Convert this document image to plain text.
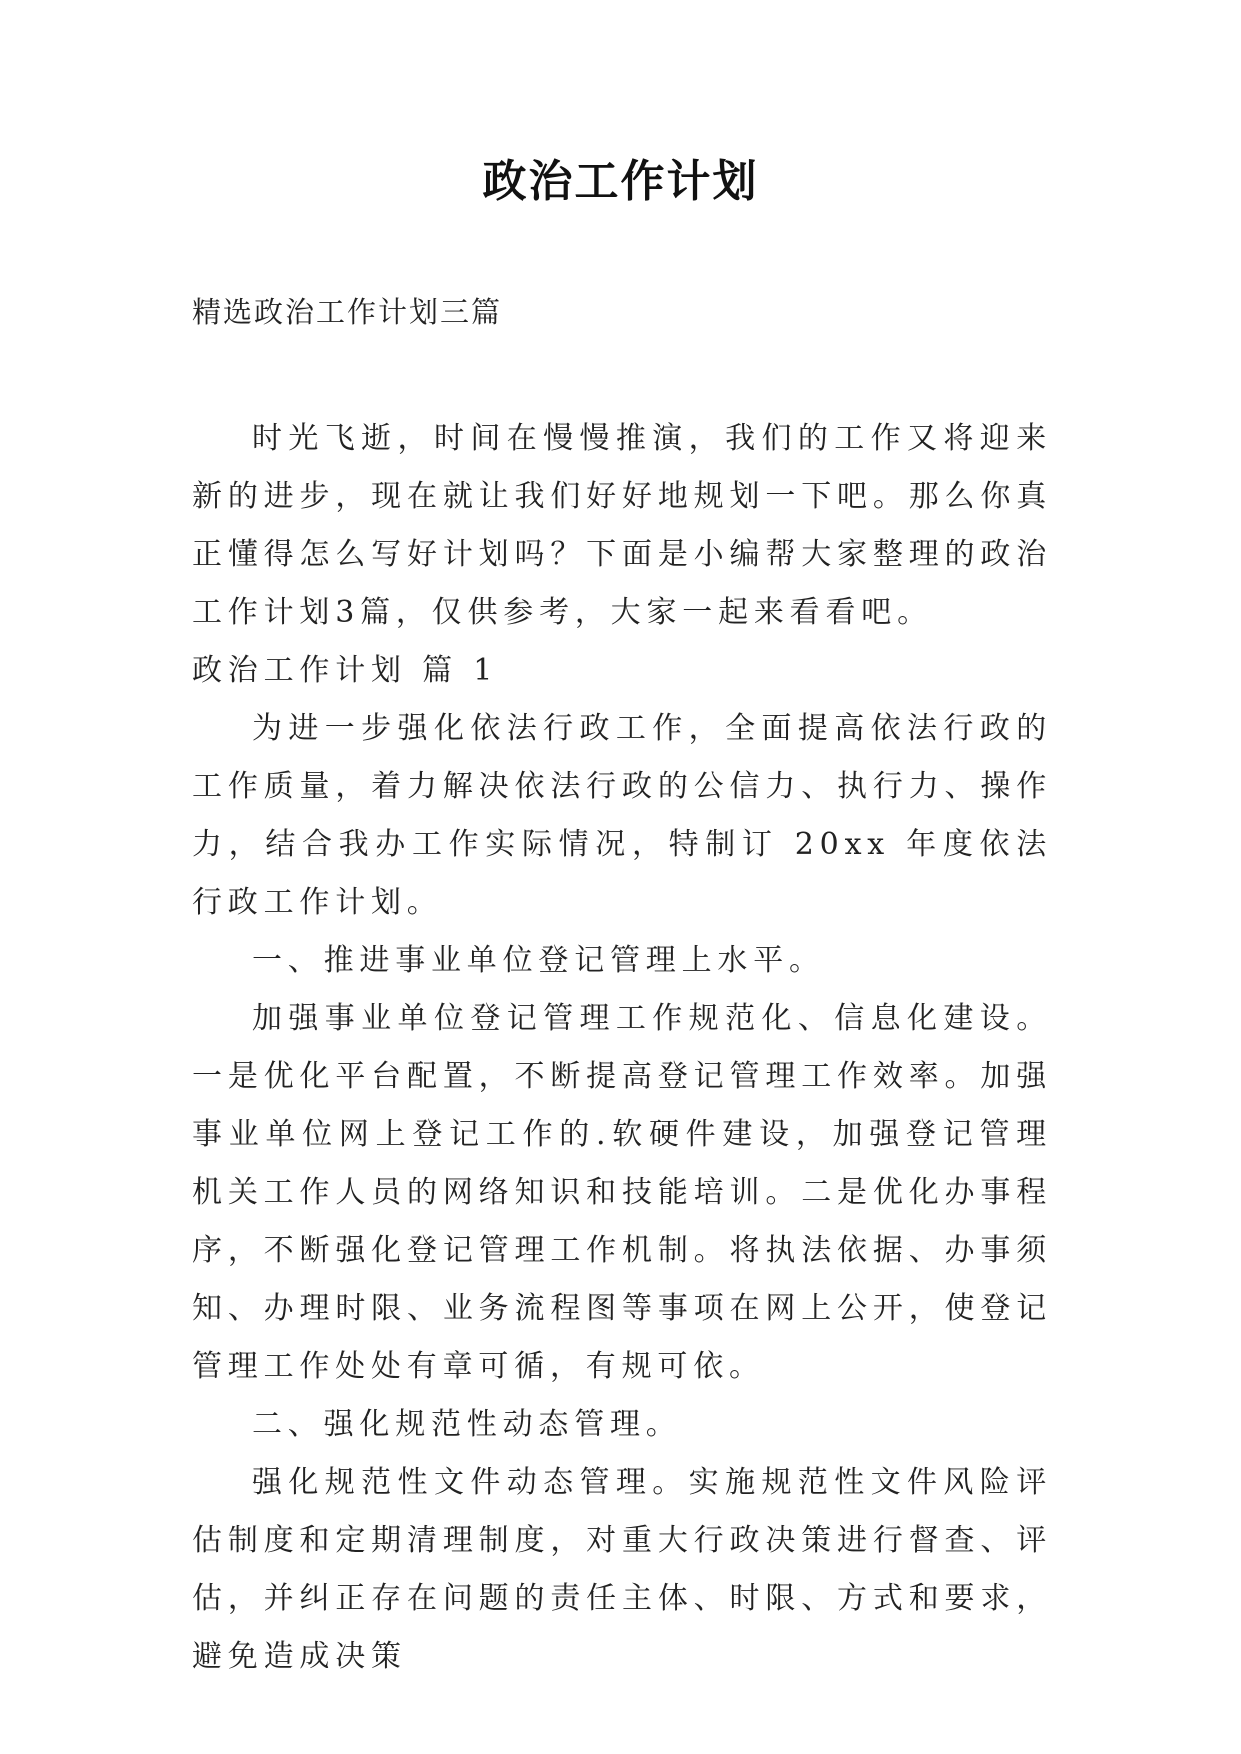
政治工作计划

精选政治工作计划三篇

时光飞逝，时间在慢慢推演，我们的工作又将迎来新的进步，现在就让我们好好地规划一下吧。那么你真正懂得怎么写好计划吗？下面是小编帮大家整理的政治工作计划3篇，仅供参考，大家一起来看看吧。

政治工作计划 篇 1

为进一步强化依法行政工作，全面提高依法行政的工作质量，着力解决依法行政的公信力、执行力、操作力，结合我办工作实际情况，特制订 20xx 年度依法行政工作计划。

一、推进事业单位登记管理上水平。

加强事业单位登记管理工作规范化、信息化建设。一是优化平台配置，不断提高登记管理工作效率。加强事业单位网上登记工作的.软硬件建设，加强登记管理机关工作人员的网络知识和技能培训。二是优化办事程序，不断强化登记管理工作机制。将执法依据、办事须知、办理时限、业务流程图等事项在网上公开，使登记管理工作处处有章可循，有规可依。

二、强化规范性动态管理。

强化规范性文件动态管理。实施规范性文件风险评估制度和定期清理制度，对重大行政决策进行督查、评估，并纠正存在问题的责任主体、时限、方式和要求，避免造成决策
